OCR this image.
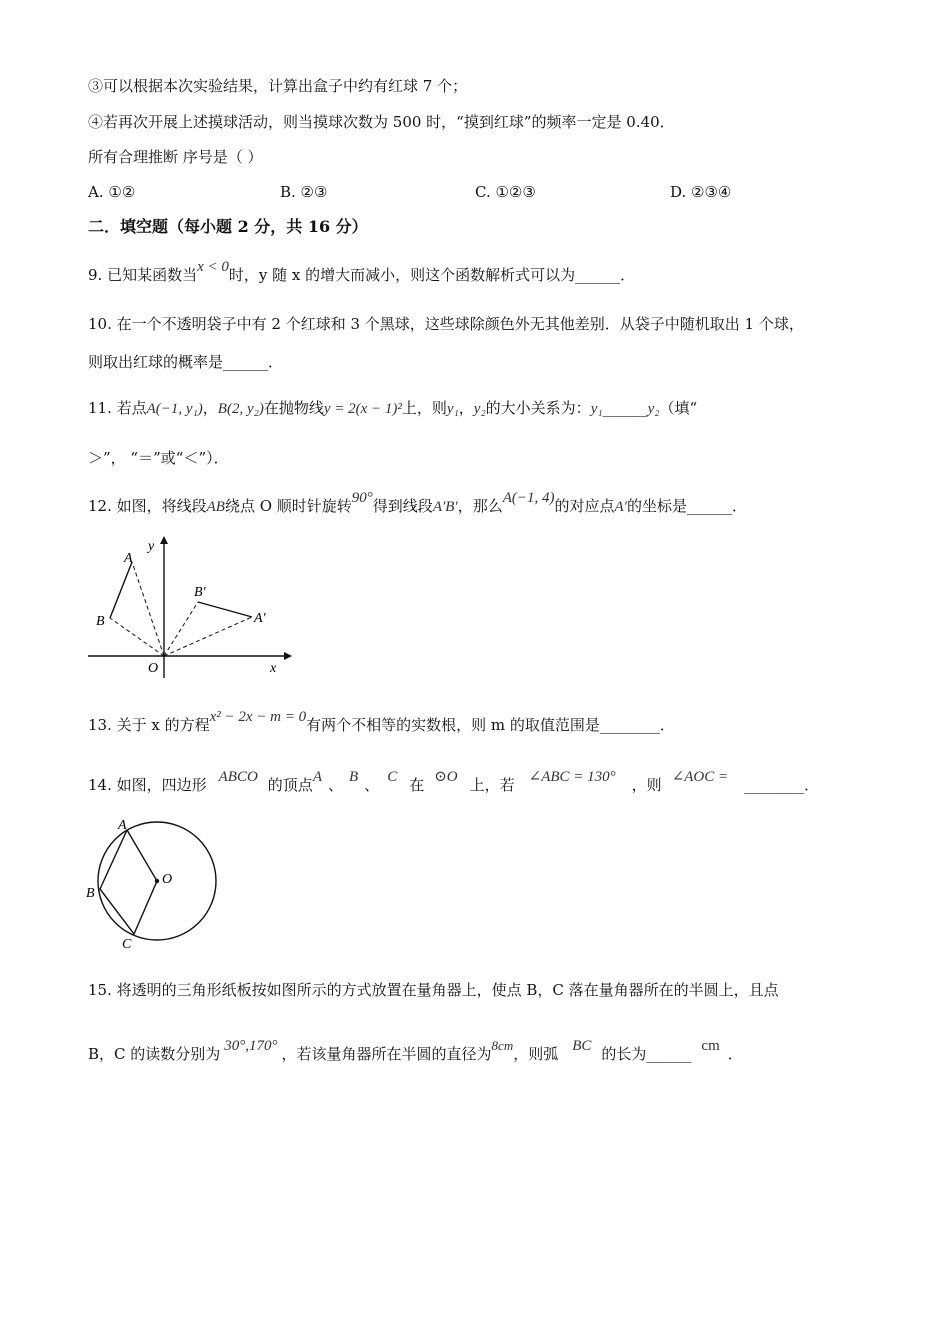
③可以根据本次实验结果，计算出盒子中约有红球 7 个；
④若再次开展上述摸球活动，则当摸球次数为 500 时，“摸到红球”的频率一定是 0.40．
所有合理推断 序号是（ ）
A. ①②	B. ②③	C. ①②③	D. ②③④
二．填空题（每小题 2 分，共 16 分）
9. 已知某函数当x < 0时，y 随 x 的增大而减小，则这个函数解析式可以为______．
10. 在一个不透明袋子中有 2 个红球和 3 个黑球，这些球除颜色外无其他差别．从袋子中随机取出 1 个球，
则取出红球的概率是______．
11. 若点A(−1, y₁)，B(2, y₂)在抛物线y = 2(x − 1)²上，则y₁，y₂的大小关系为：y₁______y₂（填“
＞”， “＝”或“＜”）．
12. 如图，将线段AB绕点 O 顺时针旋转90°得到线段A′B′，那么A(−1, 4)的对应点A′的坐标是______．
y
x
O
A
B	A′
B′
13. 关于 x 的方程x² − 2x − m = 0有两个不相等的实数根，则 m 的取值范围是________．
14. 如图，四边形 ABCO 的顶点A 、 B 、 C 在 ⊙O 上，若 ∠ABC = 130° ，则 ∠AOC = ________．
A
B
C
O
15. 将透明的三角形纸板按如图所示的方式放置在量角器上，使点 B，C 落在量角器所在的半圆上，且点
B，C 的读数分别为 30°,170° ，若该量角器所在半圆的直径为8cm，则弧 BC 的长为______ cm ．
